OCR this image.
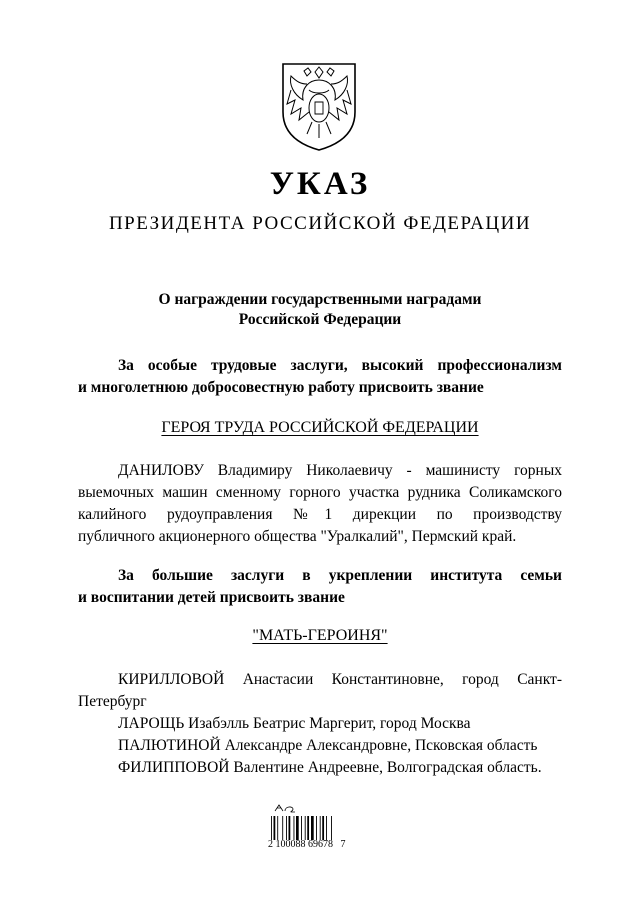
УКАЗ
ПРЕЗИДЕНТА РОССИЙСКОЙ ФЕДЕРАЦИИ
О награждении государственными наградами
Российской Федерации
За особые трудовые заслуги, высокий профессионализм
и многолетнюю добросовестную работу присвоить звание
ГЕРОЯ ТРУДА РОССИЙСКОЙ ФЕДЕРАЦИИ
ДАНИЛОВУ Владимиру Николаевичу - машинисту горных
выемочных машин сменному горного участка рудника Соликамского
калийного рудоуправления №1 дирекции по производству
публичного акционерного общества "Уралкалий", Пермский край.
За большие заслуги в укреплении института семьи
и воспитании детей присвоить звание
"МАТЬ-ГЕРОИНЯ"
КИРИЛЛОВОЙ Анастасии Константиновне, город Санкт-
Петербург
ЛАРОЩЬ Изабэлль Беатрис Маргерит, город Москва
ПАЛЮТИНОЙ Александре Александровне, Псковская область
ФИЛИППОВОЙ Валентине Андреевне, Волгоградская область.
2 100088 69678   7
